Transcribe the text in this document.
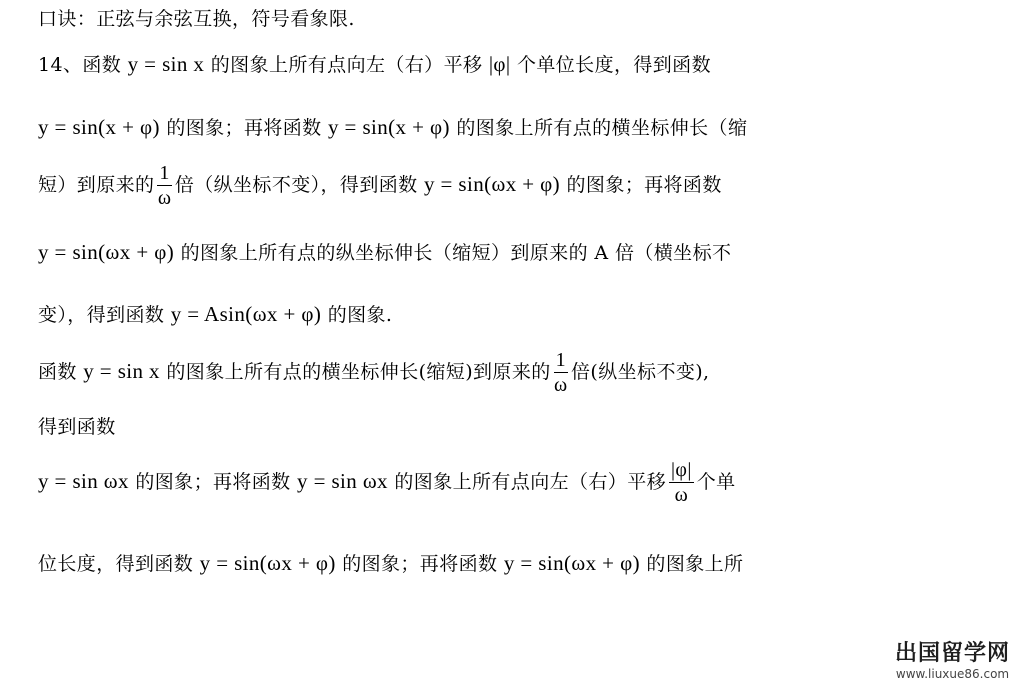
口诀：正弦与余弦互换，符号看象限.
14、函数 y = sin x 的图象上所有点向左（右）平移 |φ| 个单位长度，得到函数
y = sin(x + φ) 的图象；再将函数 y = sin(x + φ) 的图象上所有点的横坐标伸长（缩
短）到原来的 $\frac{1}{\omega}$ 倍（纵坐标不变），得到函数 y = sin(ωx + φ) 的图象；再将函数
y = sin(ωx + φ) 的图象上所有点的纵坐标伸长（缩短）到原来的 A 倍（横坐标不
变），得到函数 y = Asin(ωx + φ) 的图象.
函数 y = sin x 的图象上所有点的横坐标伸长(缩短)到原来的 $\frac{1}{\omega}$ 倍(纵坐标不变),
得到函数
y = sin ωx 的图象；再将函数 y = sin ωx 的图象上所有点向左（右）平移 $\frac{|\varphi|}{\omega}$ 个单
位长度，得到函数 y = sin(ωx + φ) 的图象；再将函数 y = sin(ωx + φ) 的图象上所
出国留学网
www.liuxue86.com
